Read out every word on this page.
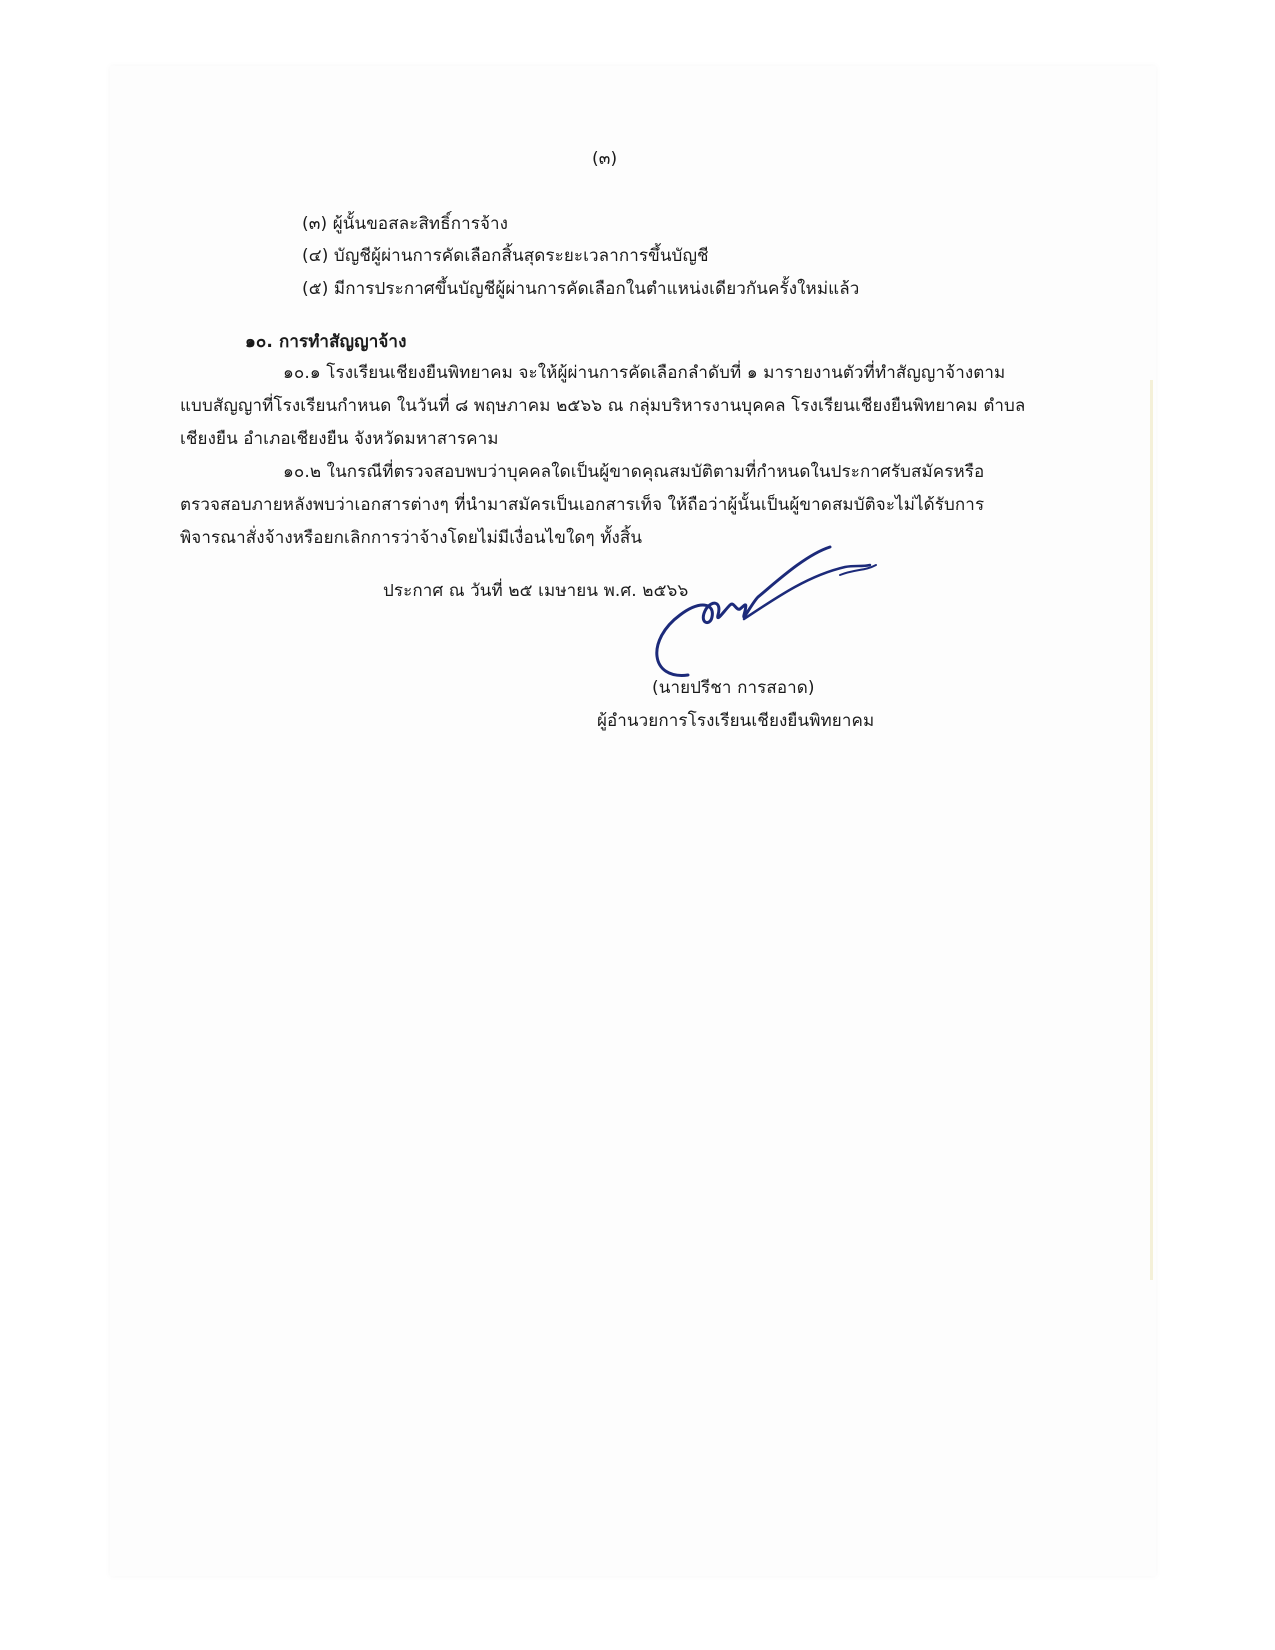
(๓)
(๓) ผู้นั้นขอสละสิทธิ์การจ้าง
(๔) บัญชีผู้ผ่านการคัดเลือกสิ้นสุดระยะเวลาการขึ้นบัญชี
(๕) มีการประกาศขึ้นบัญชีผู้ผ่านการคัดเลือกในตำแหน่งเดียวกันครั้งใหม่แล้ว
๑๐. การทำสัญญาจ้าง
๑๐.๑ โรงเรียนเชียงยืนพิทยาคม จะให้ผู้ผ่านการคัดเลือกลำดับที่ ๑ มารายงานตัวที่ทำสัญญาจ้างตาม
แบบสัญญาที่โรงเรียนกำหนด ในวันที่ ๘ พฤษภาคม ๒๕๖๖ ณ กลุ่มบริหารงานบุคคล โรงเรียนเชียงยืนพิทยาคม ตำบล
เชียงยืน อำเภอเชียงยืน จังหวัดมหาสารคาม
๑๐.๒ ในกรณีที่ตรวจสอบพบว่าบุคคลใดเป็นผู้ขาดคุณสมบัติตามที่กำหนดในประกาศรับสมัครหรือ
ตรวจสอบภายหลังพบว่าเอกสารต่างๆ ที่นำมาสมัครเป็นเอกสารเท็จ ให้ถือว่าผู้นั้นเป็นผู้ขาดสมบัติจะไม่ได้รับการ
พิจารณาสั่งจ้างหรือยกเลิกการว่าจ้างโดยไม่มีเงื่อนไขใดๆ ทั้งสิ้น
ประกาศ ณ วันที่ ๒๕ เมษายน พ.ศ. ๒๕๖๖
(นายปรีชา การสอาด)
ผู้อำนวยการโรงเรียนเชียงยืนพิทยาคม
